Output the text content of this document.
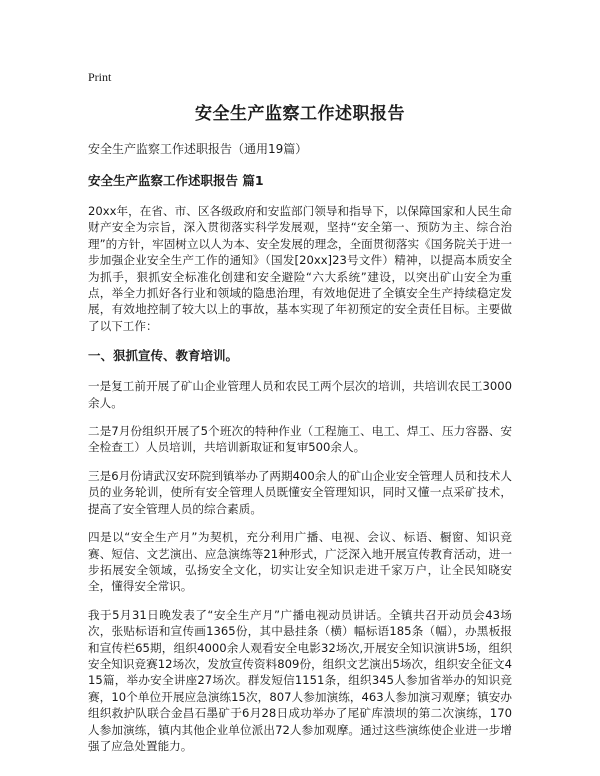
Print
安全生产监察工作述职报告
安全生产监察工作述职报告（通用19篇）
安全生产监察工作述职报告 篇1

20xx年，在省、市、区各级政府和安监部门领导和指导下，以保障国家和人民生命财产安全为宗旨，深入贯彻落实科学发展观，坚持“安全第一、预防为主、综合治理”的方针，牢固树立以人为本、安全发展的理念，全面贯彻落实《国务院关于进一步加强企业安全生产工作的通知》（国发[20xx]23号文件）精神，以提高本质安全为抓手，狠抓安全标准化创建和安全避险“六大系统”建设，以突出矿山安全为重点，举全力抓好各行业和领域的隐患治理，有效地促进了全镇安全生产持续稳定发展，有效地控制了较大以上的事故，基本实现了年初预定的安全责任目标。主要做了以下工作：

一、狠抓宣传、教育培训。

一是复工前开展了矿山企业管理人员和农民工两个层次的培训，共培训农民工3000余人。

二是7月份组织开展了5个班次的特种作业（工程施工、电工、焊工、压力容器、安全检查工）人员培训，共培训新取证和复审500余人。

三是6月份请武汉安环院到镇举办了两期400余人的矿山企业安全管理人员和技术人员的业务轮训，使所有安全管理人员既懂安全管理知识，同时又懂一点采矿技术，提高了安全管理人员的综合素质。

四是以“安全生产月”为契机，充分利用广播、电视、会议、标语、橱窗、知识竞赛、短信、文艺演出、应急演练等21种形式，广泛深入地开展宣传教育活动，进一步拓展安全领域，弘扬安全文化，切实让安全知识走进千家万户，让全民知晓安全，懂得安全常识。

我于5月31日晚发表了“安全生产月”广播电视动员讲话。全镇共召开动员会43场次，张贴标语和宣传画1365份，其中悬挂条（横）幅标语185条（幅），办黑板报和宣传栏65期，组织4000余人观看安全电影32场次,开展安全知识演讲5场，组织安全知识竞赛12场次，发放宣传资料809份，组织文艺演出5场次，组织安全征文415篇，举办安全讲座27场次。群发短信1151条，组织345人参加省举办的知识竞赛，10个单位开展应急演练15次，807人参加演练，463人参加演习观摩；镇安办组织救护队联合金昌石墨矿于6月28日成功举办了尾矿库溃坝的第二次演练，170人参加演练，镇内其他企业单位派出72人参加观摩。通过这些演练使企业进一步增强了应急处置能力。
